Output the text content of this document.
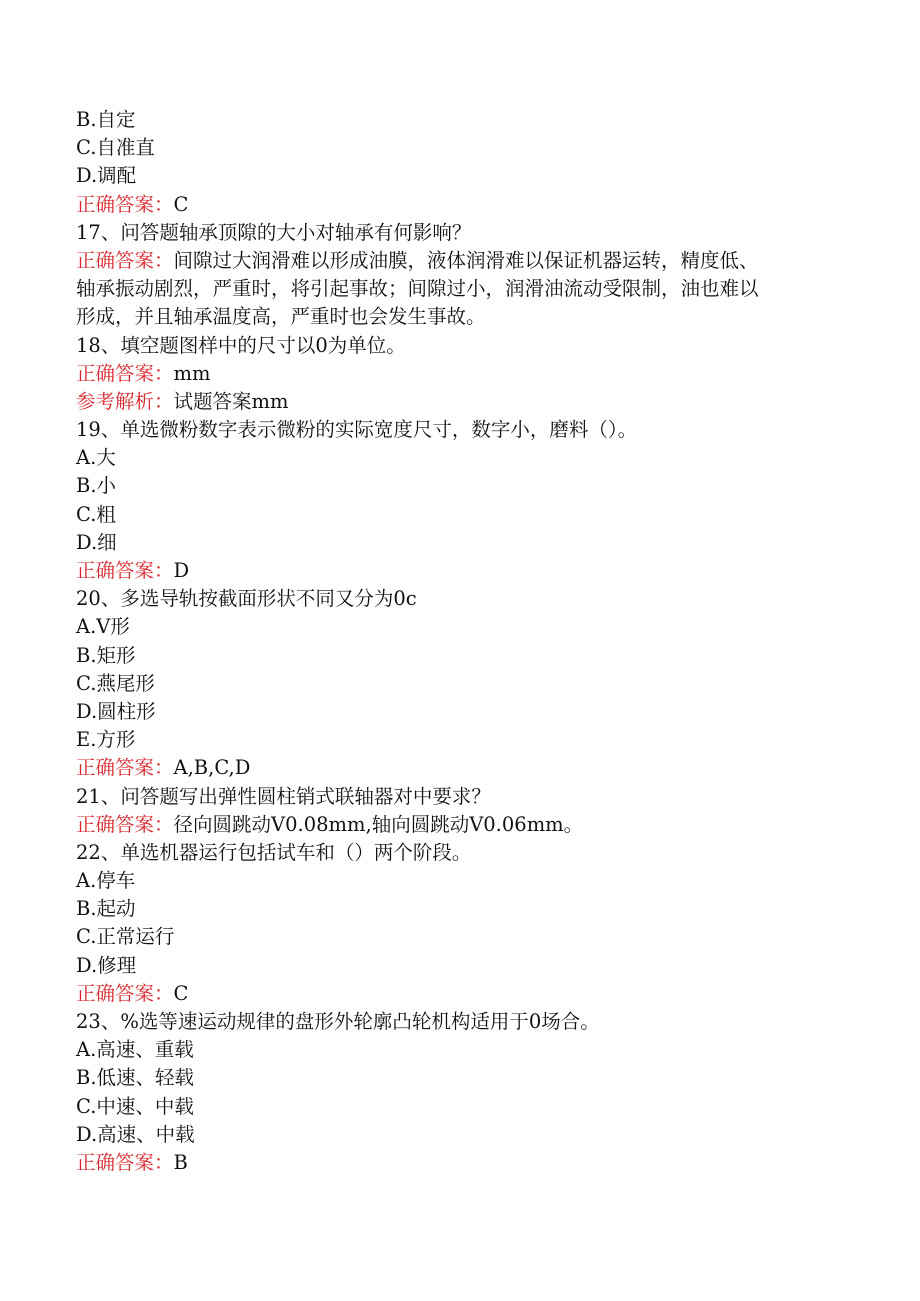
B.自定
C.自准直
D.调配
正确答案：C
17、问答题轴承顶隙的大小对轴承有何影响？
正确答案：间隙过大润滑难以形成油膜，液体润滑难以保证机器运转，精度低、
轴承振动剧烈，严重时，将引起事故；间隙过小，润滑油流动受限制，油也难以
形成，并且轴承温度高，严重时也会发生事故。
18、填空题图样中的尺寸以0为单位。
正确答案：mm
参考解析：试题答案mm
19、单选微粉数字表示微粉的实际宽度尺寸，数字小，磨料（）。
A.大
B.小
C.粗
D.细
正确答案：D
20、多选导轨按截面形状不同又分为0c
A.V形
B.矩形
C.燕尾形
D.圆柱形
E.方形
正确答案：A,B,C,D
21、问答题写出弹性圆柱销式联轴器对中要求？
正确答案：径向圆跳动V0.08mm,轴向圆跳动V0.06mm。
22、单选机器运行包括试车和（）两个阶段。
A.停车
B.起动
C.正常运行
D.修理
正确答案：C
23、%选等速运动规律的盘形外轮廓凸轮机构适用于0场合。
A.高速、重载
B.低速、轻载
C.中速、中载
D.高速、中载
正确答案：B
